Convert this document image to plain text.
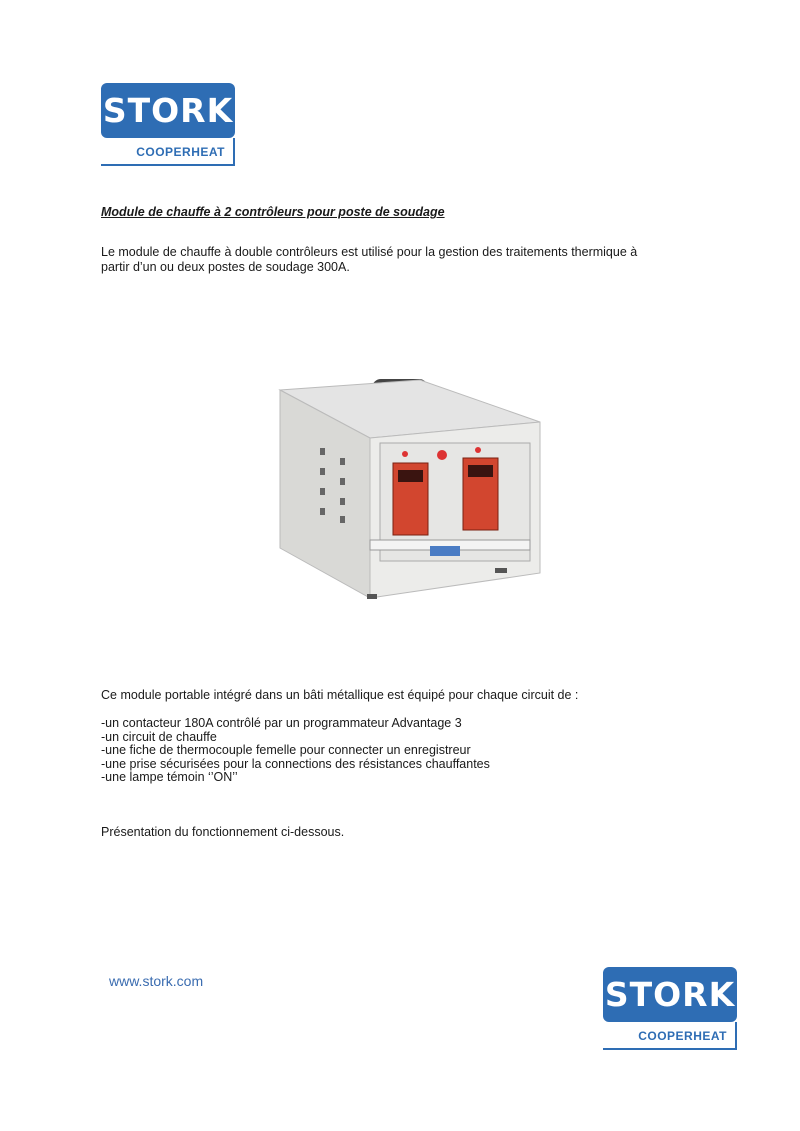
STORK
COOPERHEAT
Module de chauffe à 2 contrôleurs pour poste de soudage
Le module de chauffe à double contrôleurs est utilisé pour la gestion des traitements thermique à
partir d’un ou deux postes de soudage 300A.
Ce module portable intégré dans un bâti métallique est équipé pour chaque circuit de :
-un contacteur 180A contrôlé par un programmateur Advantage 3
-un circuit de chauffe
-une fiche de thermocouple femelle pour connecter un enregistreur
-une prise sécurisées pour la connections des résistances chauffantes
-une lampe témoin ‘’ON’’
Présentation du fonctionnement ci-dessous.
www.stork.com	STORK
COOPERHEAT
